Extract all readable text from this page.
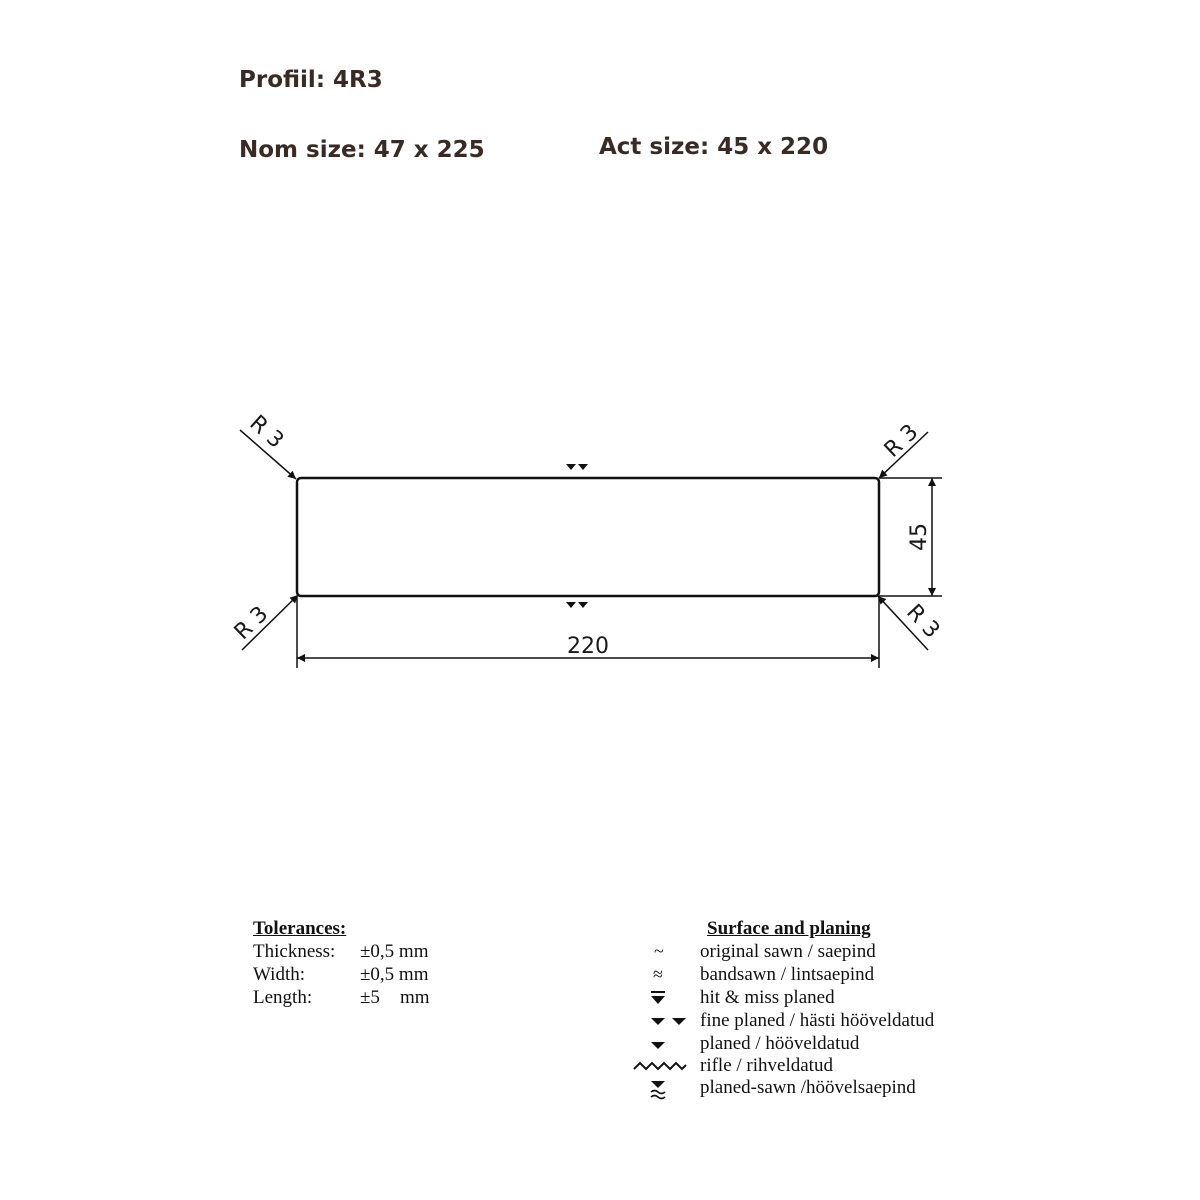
Profiil: 4R3
Nom size: 47 x 225	Act size: 45 x 220
220
45
R 3	R 3
R 3	R 3
Tolerances:
Thickness: ±0,5 mm
Width:	±0,5 mm
Length:	±5 mm
Surface and planing
~ original sawn / saepind
≈ bandsawn / lintsaepind
hit & miss planed
fine planed / hästi hööveldatud
planed / hööveldatud
rifle / rihveldatud
planed-sawn /höövelsaepind
